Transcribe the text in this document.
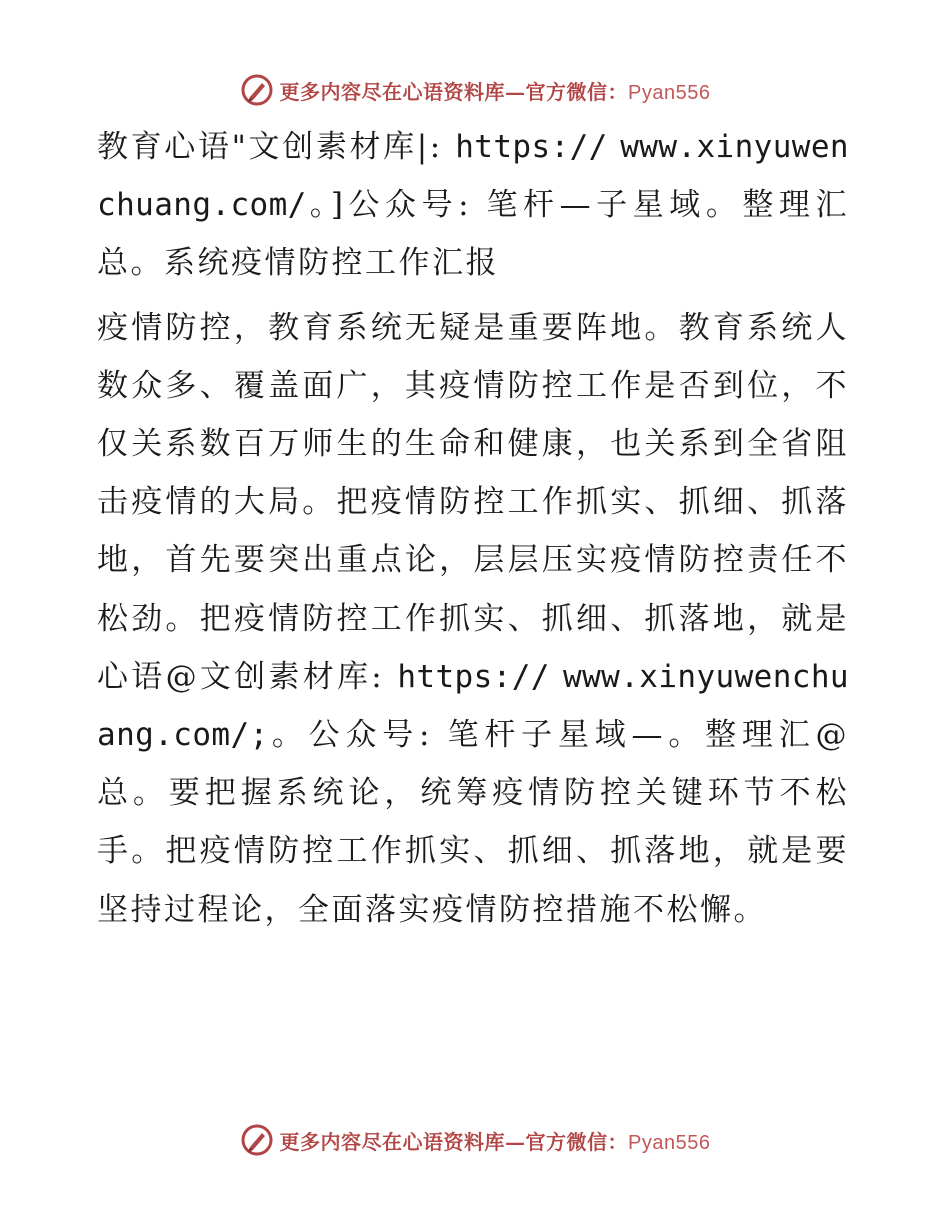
更多内容尽在心语资料库—官方微信：Pyan556

教育心语"文创素材库|: https:// www.xinyuwenchuang.com/。]公众号: 笔杆—子星域。整理汇总。系统疫情防控工作汇报

疫情防控，教育系统无疑是重要阵地。教育系统人数众多、覆盖面广，其疫情防控工作是否到位，不仅关系数百万师生的生命和健康，也关系到全省阻击疫情的大局。把疫情防控工作抓实、抓细、抓落地，首先要突出重点论，层层压实疫情防控责任不松劲。把疫情防控工作抓实、抓细、抓落地，就是心语@文创素材库: https:// www.xinyuwenchuang.com/;。公众号: 笔杆子星域—。整理汇@总。要把握系统论，统筹疫情防控关键环节不松手。把疫情防控工作抓实、抓细、抓落地，就是要坚持过程论，全面落实疫情防控措施不松懈。

更多内容尽在心语资料库—官方微信：Pyan556
